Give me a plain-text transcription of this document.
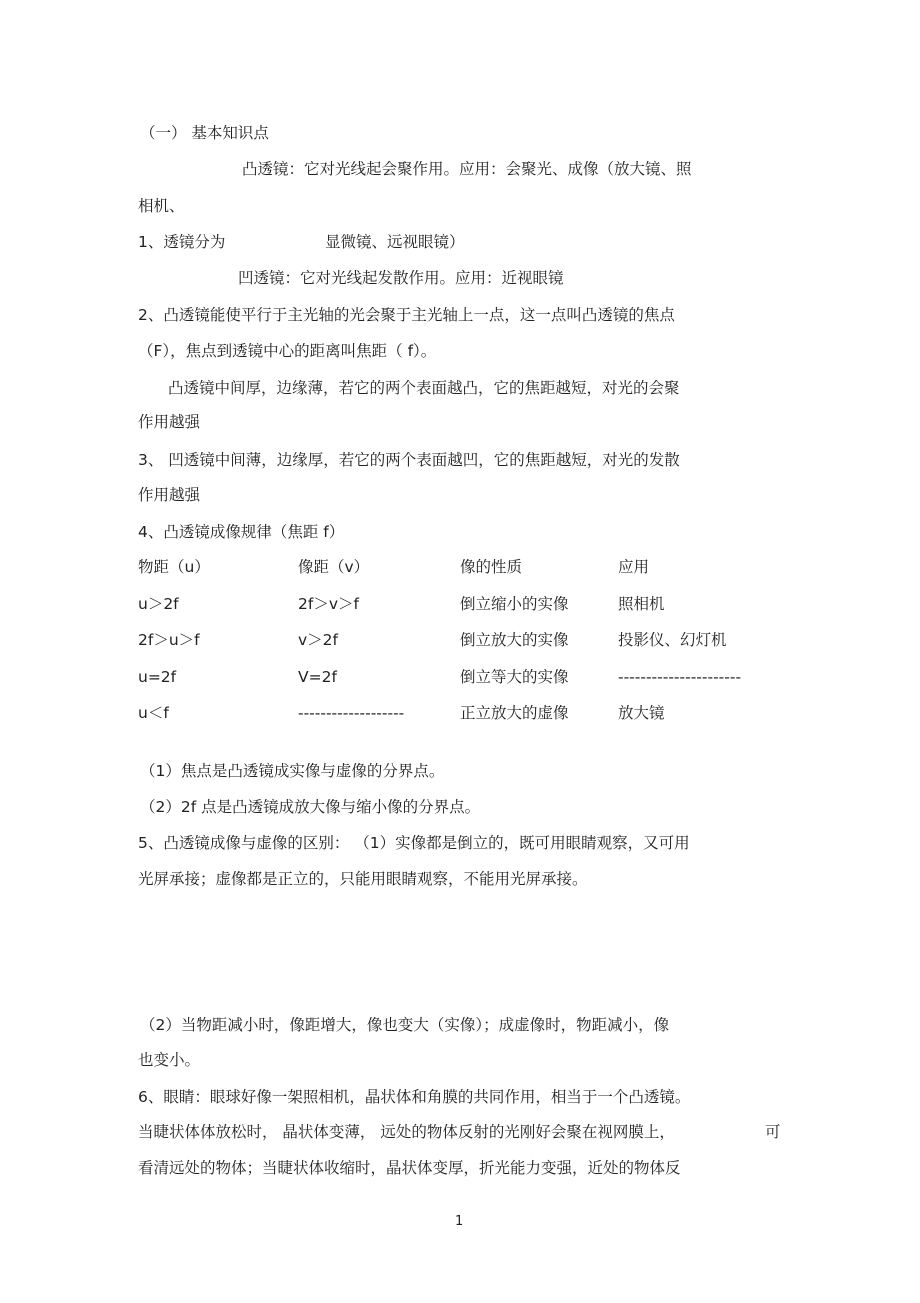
（一） 基本知识点
凸透镜：它对光线起会聚作用。应用：会聚光、成像（放大镜、照
相机、
1、透镜分为	显微镜、远视眼镜）
凹透镜：它对光线起发散作用。应用：近视眼镜
2、凸透镜能使平行于主光轴的光会聚于主光轴上一点，这一点叫凸透镜的焦点
（F），焦点到透镜中心的距离叫焦距（ f）。
凸透镜中间厚，边缘薄，若它的两个表面越凸，它的焦距越短，对光的会聚
作用越强
3、 凹透镜中间薄，边缘厚，若它的两个表面越凹，它的焦距越短，对光的发散
作用越强
4、凸透镜成像规律（焦距 f）
物距（u）	像距（v）	像的性质	应用
u＞2f	2f＞v＞f	倒立缩小的实像	照相机
2f＞u＞f	v＞2f	倒立放大的实像	投影仪、幻灯机
u=2f	V=2f	倒立等大的实像	----------------------
u＜f	-------------------	正立放大的虚像	放大镜
（1）焦点是凸透镜成实像与虚像的分界点。
（2）2f 点是凸透镜成放大像与缩小像的分界点。
5、凸透镜成像与虚像的区别： （1）实像都是倒立的，既可用眼睛观察，又可用
光屏承接；虚像都是正立的，只能用眼睛观察，不能用光屏承接。
（2）当物距减小时，像距增大，像也变大（实像）；成虚像时，物距减小，像
也变小。
6、眼睛：眼球好像一架照相机，晶状体和角膜的共同作用，相当于一个凸透镜。
当睫状体体放松时， 晶状体变薄， 远处的物体反射的光刚好会聚在视网膜上，	可
看清远处的物体；当睫状体收缩时，晶状体变厚，折光能力变强，近处的物体反
1
